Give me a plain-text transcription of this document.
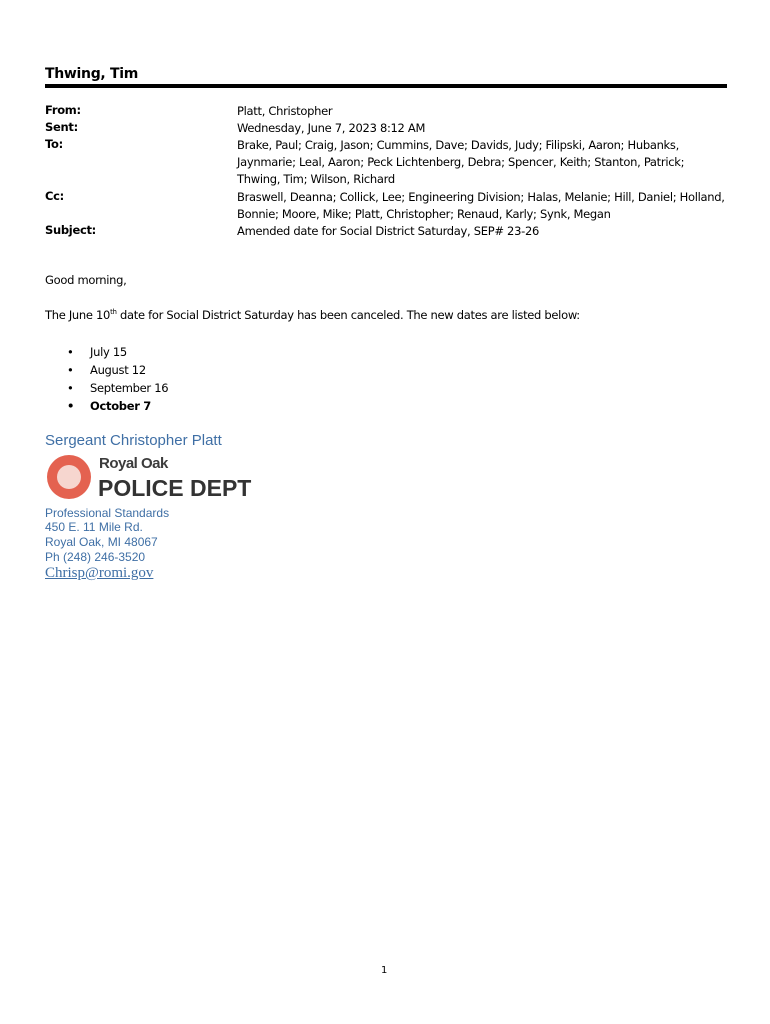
Thwing, Tim
From:	Platt, Christopher
Sent:	Wednesday, June 7, 2023 8:12 AM
To:	Brake, Paul; Craig, Jason; Cummins, Dave; Davids, Judy; Filipski, Aaron; Hubanks,
Jaynmarie; Leal, Aaron; Peck Lichtenberg, Debra; Spencer, Keith; Stanton, Patrick;
Thwing, Tim; Wilson, Richard
Cc:	Braswell, Deanna; Collick, Lee; Engineering Division; Halas, Melanie; Hill, Daniel; Holland,
Bonnie; Moore, Mike; Platt, Christopher; Renaud, Karly; Synk, Megan
Subject:	Amended date for Social District Saturday, SEP# 23-26
Good morning,
The June 10th date for Social District Saturday has been canceled. The new dates are listed below:
• July 15
• August 12
• September 16
• October 7
Sergeant Christopher Platt
Royal Oak
POLICE DEPT
Professional Standards
450 E. 11 Mile Rd.
Royal Oak, MI 48067
Ph (248) 246-3520
Chrisp@romi.gov
1
